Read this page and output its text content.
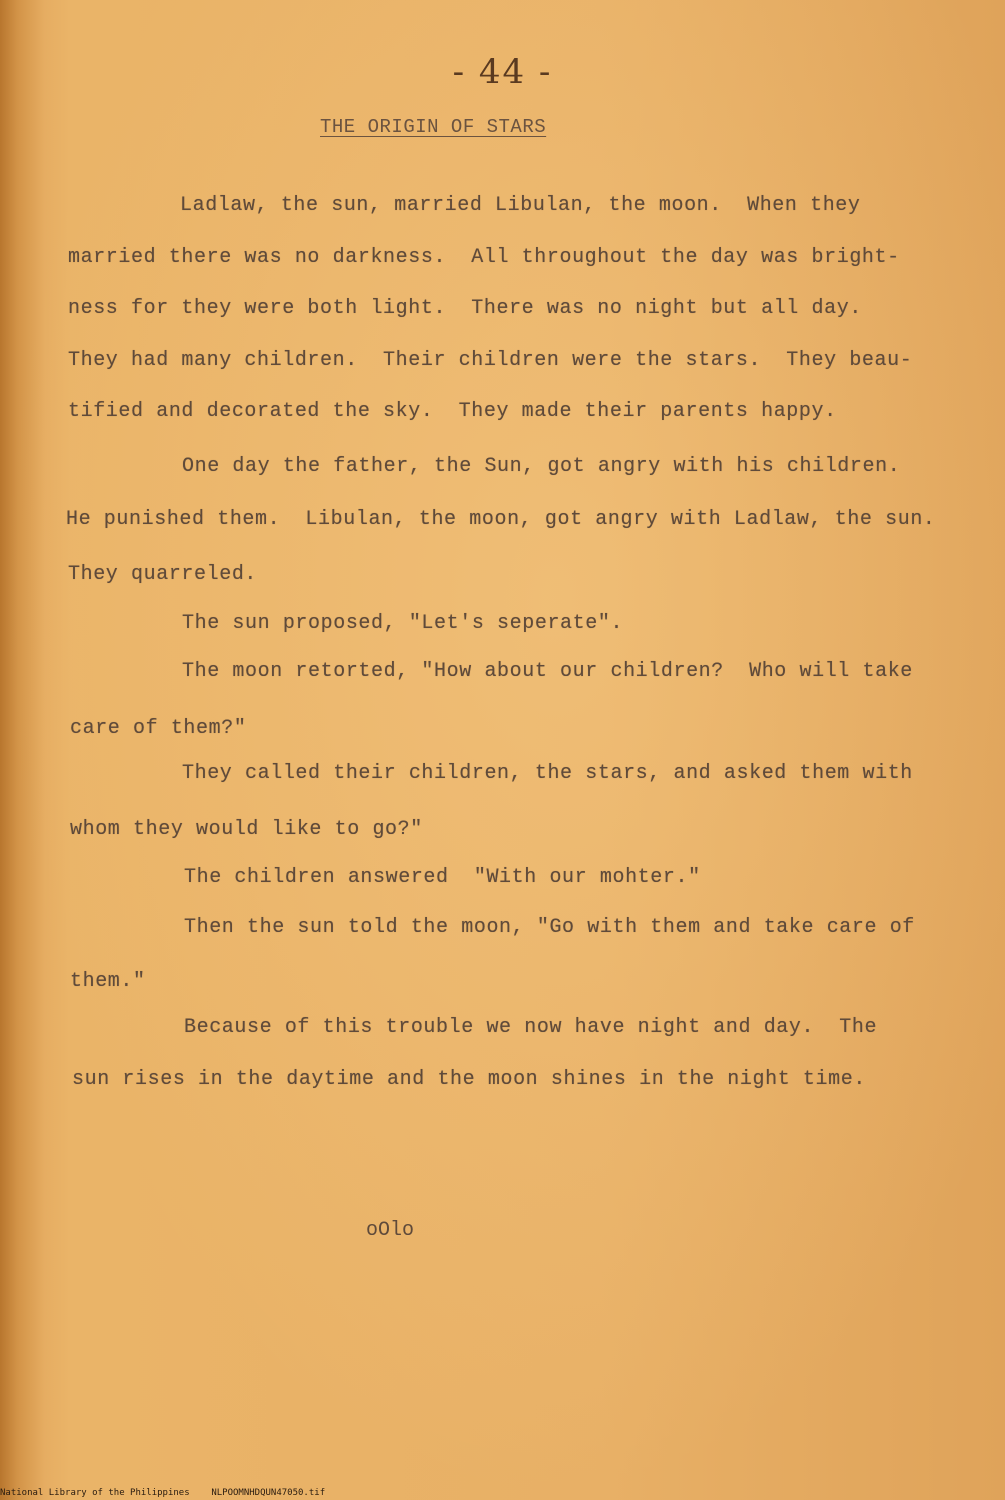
- 44 -
THE ORIGIN OF STARS
Ladlaw, the sun, married Libulan, the moon.  When they
married there was no darkness.  All throughout the day was bright-
ness for they were both light.  There was no night but all day.
They had many children.  Their children were the stars.  They beau-
tified and decorated the sky.  They made their parents happy.
One day the father, the Sun, got angry with his children.
He punished them.  Libulan, the moon, got angry with Ladlaw, the sun.
They quarreled.
The sun proposed, "Let's seperate".
The moon retorted, "How about our children?  Who will take
care of them?"
They called their children, the stars, and asked them with
whom they would like to go?"
The children answered  "With our mohter."
Then the sun told the moon, "Go with them and take care of
them."
Because of this trouble we now have night and day.  The
sun rises in the daytime and the moon shines in the night time.
oOlo
National Library of the Philippines    NLPOOMNHDQUN47050.tif
